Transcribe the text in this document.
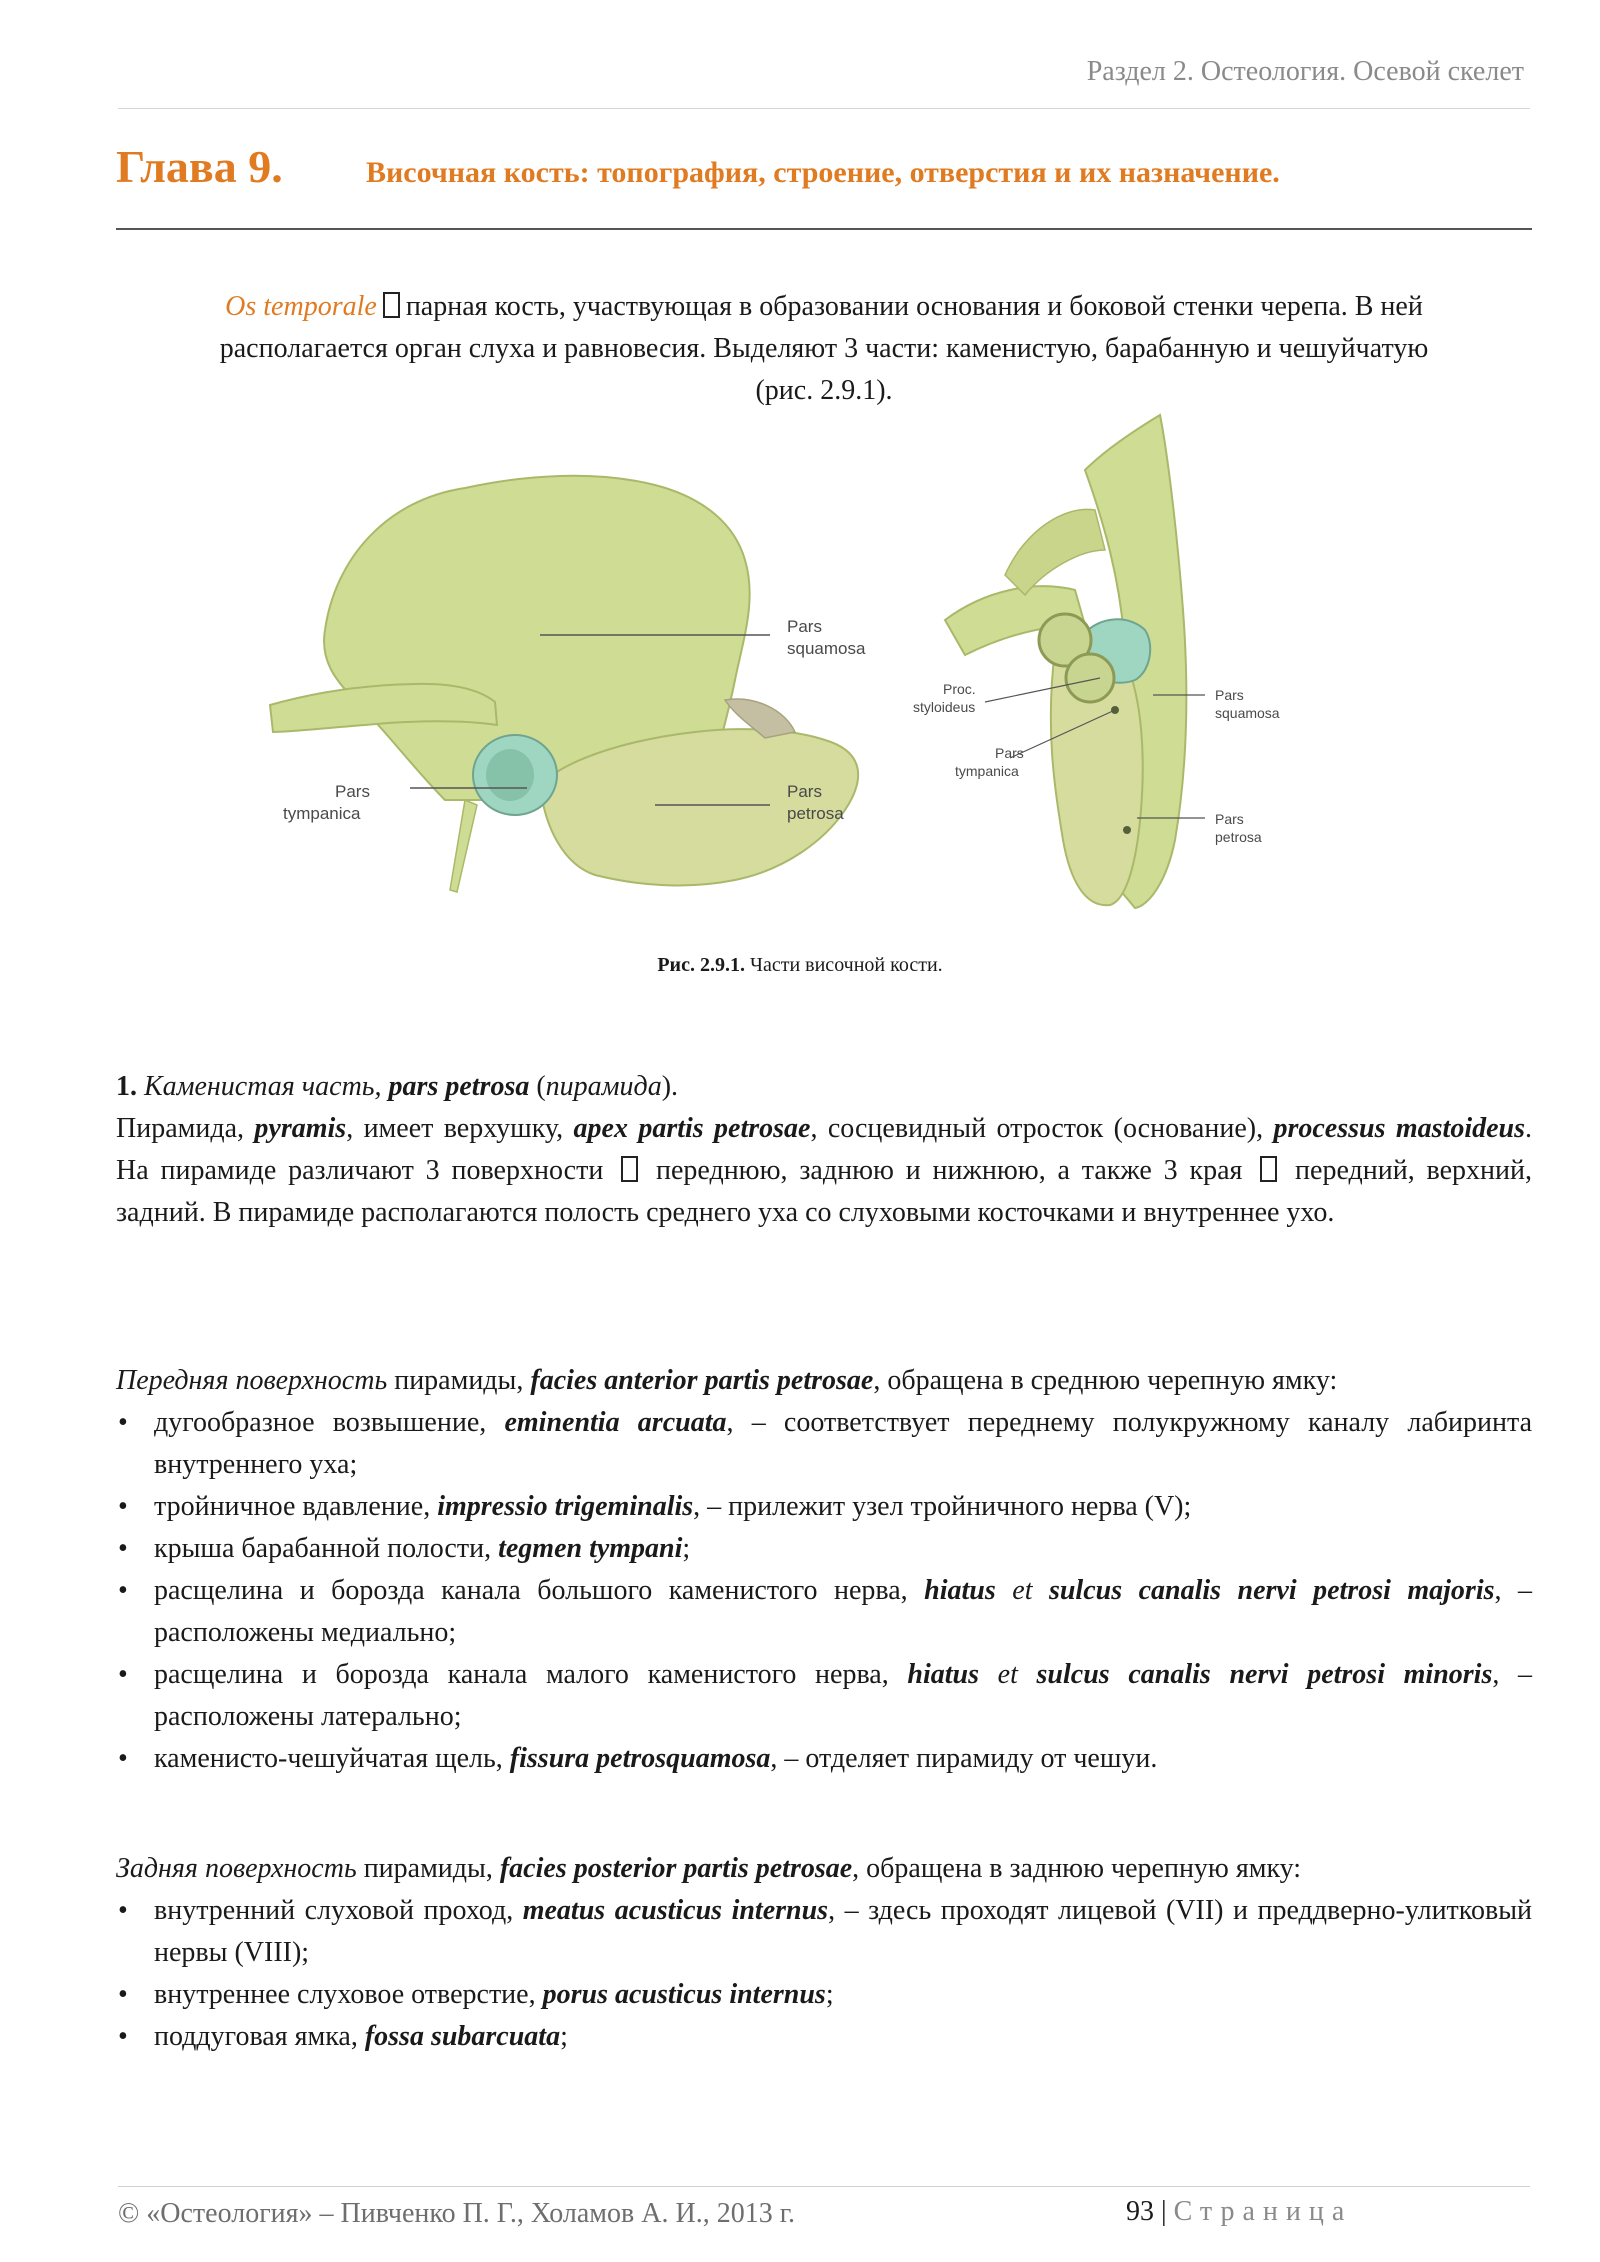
Раздел 2. Остеология. Осевой скелет
Глава 9.	Височная кость: топография, строение, отверстия и их назначение.
Os temporale парная кость, участвующая в образовании основания и боковой стенки черепа. В ней
располагается орган слуха и равновесия. Выделяют 3 части: каменистую, барабанную и чешуйчатую
(рис. 2.9.1).
Pars
squamosa
Pars
tympanica
Pars
petrosa
Proc.
styloideus
Pars
tympanica
Pars
squamosa
Pars
petrosa
Рис. 2.9.1. Части височной кости.

1. Каменистая часть, pars petrosa (пирамида).

Пирамида, pyramis, имеет верхушку, apex partis petrosae, сосцевидный отросток (основание), processus mastoideus. На пирамиде различают 3 поверхности  переднюю, заднюю и нижнюю, а также 3 края  передний, верхний, задний. В пирамиде располагаются полость среднего уха со слуховыми косточками и внутреннее ухо.

Передняя поверхность пирамиды, facies anterior partis petrosae, обращена в среднюю черепную ямку:

• дугообразное возвышение, eminentia arcuata, – соответствует переднему полукружному каналу лабиринта внутреннего уха;
• тройничное вдавление, impressio trigeminalis, – прилежит узел тройничного нерва (V);
• крыша барабанной полости, tegmen tympani;
• расщелина и борозда канала большого каменистого нерва, hiatus et sulcus canalis nervi petrosi majoris, – расположены медиально;
• расщелина и борозда канала малого каменистого нерва, hiatus et sulcus canalis nervi petrosi minoris, – расположены латерально;
• каменисто-чешуйчатая щель, fissura petrosquamosa, – отделяет пирамиду от чешуи.

Задняя поверхность пирамиды, facies posterior partis petrosae, обращена в заднюю черепную ямку:

• внутренний слуховой проход, meatus acusticus internus, – здесь проходят лицевой (VII) и преддверно-улитковый нервы (VIII);
• внутреннее слуховое отверстие, porus acusticus internus;
• поддуговая ямка, fossa subarcuata;
© «Остеология» – Пивченко П. Г., Холамов А. И., 2013 г.	93 | Страница
